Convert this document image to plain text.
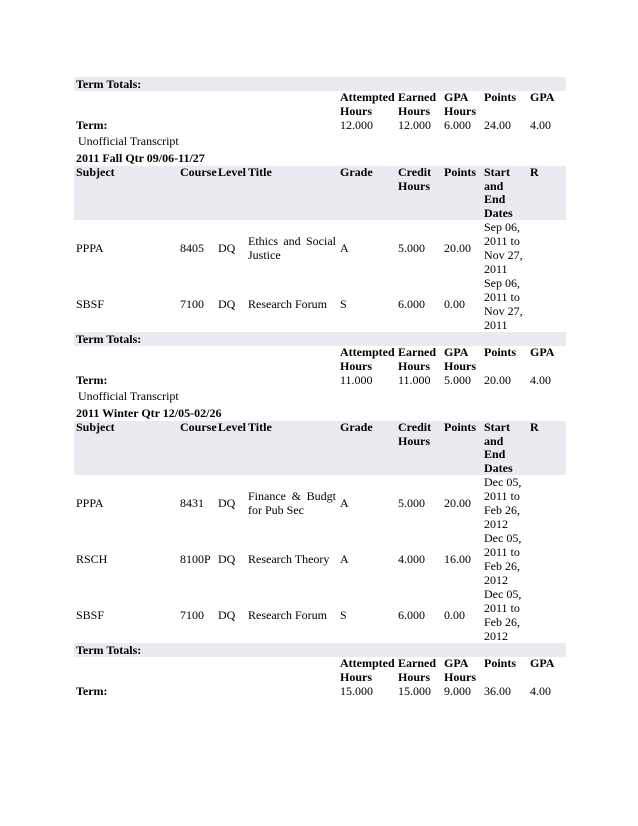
Term Totals:					
	Attempted Hours	Earned Hours	GPA Hours	Points	GPA
Term:	12.000	12.000	6.000	24.00	4.00
Unofficial Transcript
2011 Fall Qtr 09/06-11/27
Subject	Course	Level	Title	Grade	Credit Hours	Points	Start and End Dates	R
PPPA	8405	DQ	Ethics and Social Justice	A	5.000	20.00	Sep 06, 2011 to Nov 27, 2011	
SBSF	7100	DQ	Research Forum	S	6.000	0.00	Sep 06, 2011 to Nov 27, 2011	
Term Totals:					
	Attempted Hours	Earned Hours	GPA Hours	Points	GPA
Term:	11.000	11.000	5.000	20.00	4.00
Unofficial Transcript
2011 Winter Qtr 12/05-02/26
Subject	Course	Level	Title	Grade	Credit Hours	Points	Start and End Dates	R
PPPA	8431	DQ	Finance & Budgt for Pub Sec	A	5.000	20.00	Dec 05, 2011 to Feb 26, 2012	
RSCH	8100P	DQ	Research Theory	A	4.000	16.00	Dec 05, 2011 to Feb 26, 2012	
SBSF	7100	DQ	Research Forum	S	6.000	0.00	Dec 05, 2011 to Feb 26, 2012	
Term Totals:					
	Attempted Hours	Earned Hours	GPA Hours	Points	GPA
Term:	15.000	15.000	9.000	36.00	4.00
